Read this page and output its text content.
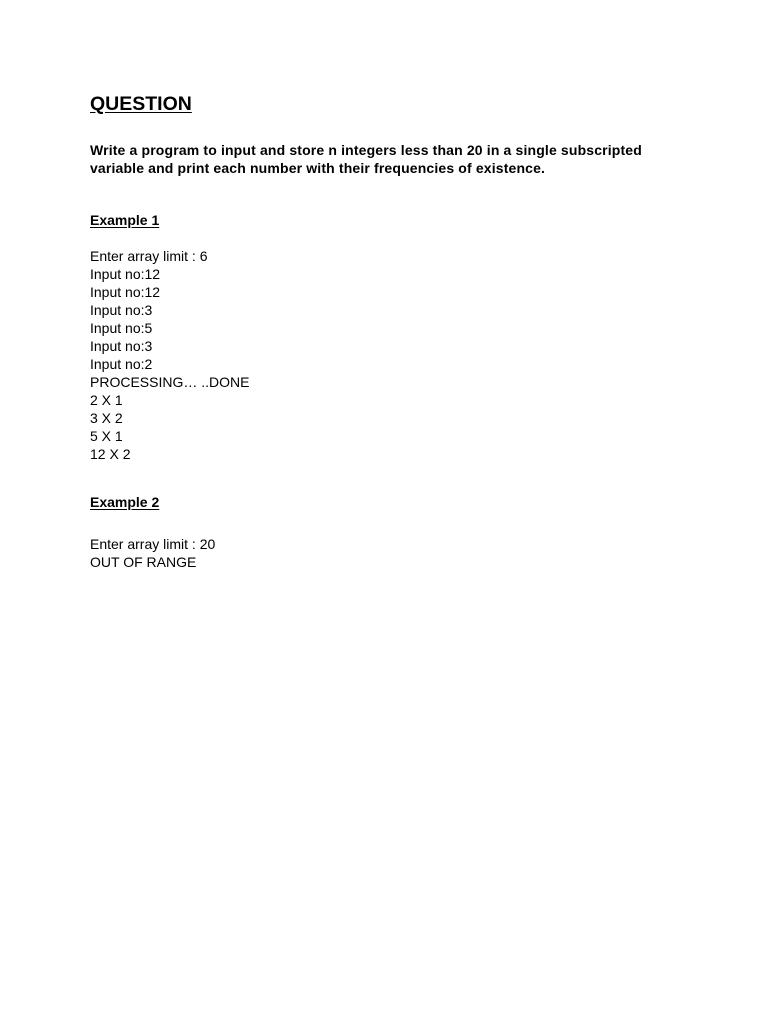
QUESTION
Write a program to input and store n integers less than 20 in a single subscripted
variable and print each number with their frequencies of existence.
Example 1
Enter array limit : 6
Input no:12
Input no:12
Input no:3
Input no:5
Input no:3
Input no:2
PROCESSING… ..DONE
2 X 1
3 X 2
5 X 1
12 X 2
Example 2
Enter array limit : 20
OUT OF RANGE
